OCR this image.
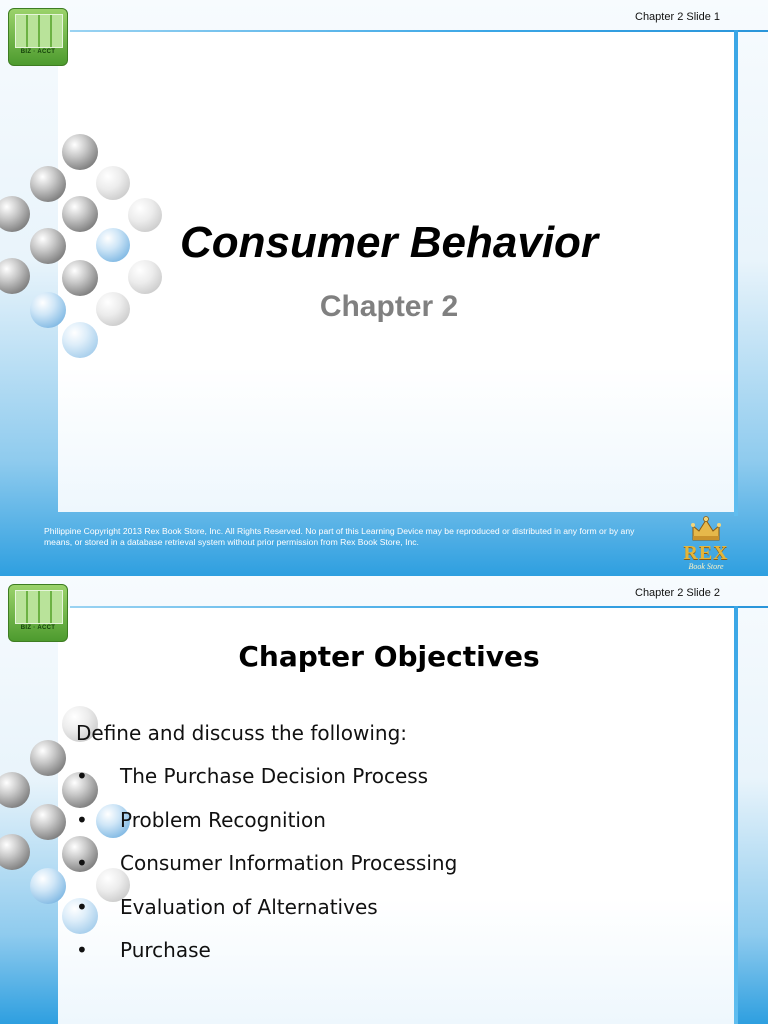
BIZ · ACCT
Chapter 2 Slide 1
Consumer Behavior
Chapter 2
Philippine Copyright 2013 Rex Book Store, Inc. All Rights Reserved. No part of this Learning Device may be reproduced or distributed in any form or by any means, or stored in a database retrieval system without prior permission from Rex Book Store, Inc.	REX
Book Store
BIZ · ACCT
Chapter 2 Slide 2
Chapter Objectives
Define and discuss the following:
• The Purchase Decision Process
• Problem Recognition
• Consumer Information Processing
• Evaluation of Alternatives
• Purchase
